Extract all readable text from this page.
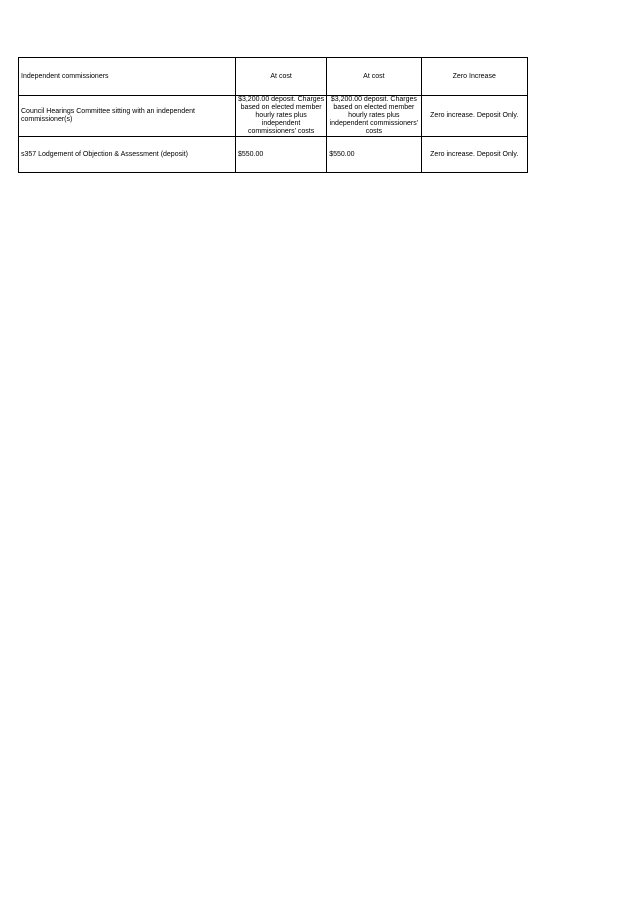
Independent commissioners	At cost	At cost	Zero Increase
Council Hearings Committee sitting with an independent commissioner(s)	$3,200.00 deposit. Charges based on elected member hourly rates plus independent commissioners' costs	$3,200.00 deposit. Charges based on elected member hourly rates plus independent commissioners' costs	Zero increase. Deposit Only.
s357 Lodgement of Objection & Assessment (deposit)	$550.00	$550.00	Zero increase. Deposit Only.
